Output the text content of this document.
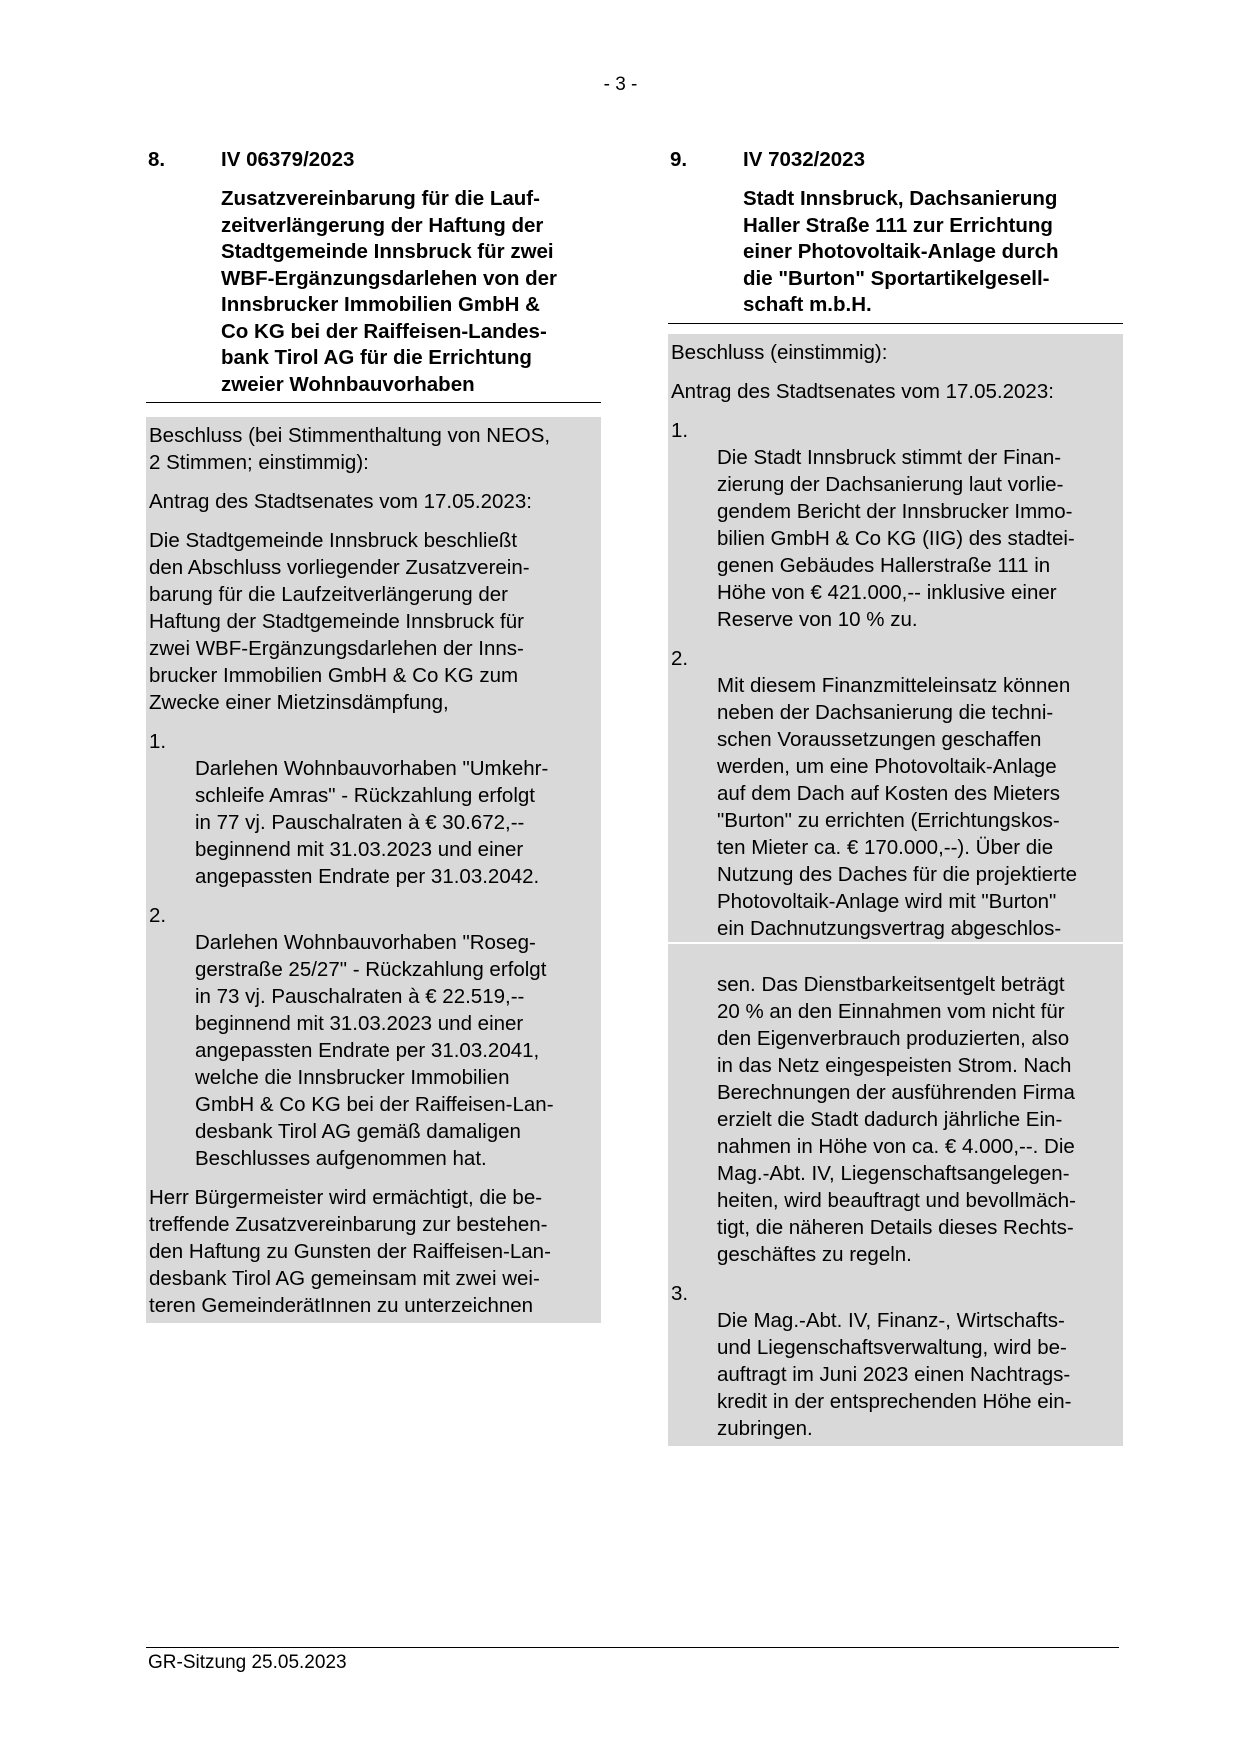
- 3 -
8.	IV 06379/2023
Zusatzvereinbarung für die Lauf-
zeitverlängerung der Haftung der
Stadtgemeinde Innsbruck für zwei
WBF-Ergänzungsdarlehen von der
Innsbrucker Immobilien GmbH &
Co KG bei der Raiffeisen-Landes-
bank Tirol AG für die Errichtung
zweier Wohnbauvorhaben

Beschluss (bei Stimmenthaltung von NEOS,
2 Stimmen; einstimmig):

Antrag des Stadtsenates vom 17.05.2023:

Die Stadtgemeinde Innsbruck beschließt
den Abschluss vorliegender Zusatzverein-
barung für die Laufzeitverlängerung der
Haftung der Stadtgemeinde Innsbruck für
zwei WBF-Ergänzungsdarlehen der Inns-
brucker Immobilien GmbH & Co KG zum
Zwecke einer Mietzinsdämpfung,

1.
Darlehen Wohnbauvorhaben "Umkehr-
schleife Amras" - Rückzahlung erfolgt
in 77 vj. Pauschalraten à € 30.672,--
beginnend mit 31.03.2023 und einer
angepassten Endrate per 31.03.2042.

2.
Darlehen Wohnbauvorhaben "Roseg-
gerstraße 25/27" - Rückzahlung erfolgt
in 73 vj. Pauschalraten à € 22.519,--
beginnend mit 31.03.2023 und einer
angepassten Endrate per 31.03.2041,
welche die Innsbrucker Immobilien
GmbH & Co KG bei der Raiffeisen-Lan-
desbank Tirol AG gemäß damaligen
Beschlusses aufgenommen hat.

Herr Bürgermeister wird ermächtigt, die be-
treffende Zusatzvereinbarung zur bestehen-
den Haftung zu Gunsten der Raiffeisen-Lan-
desbank Tirol AG gemeinsam mit zwei wei-
teren GemeinderätInnen zu unterzeichnen

9.	IV 7032/2023
Stadt Innsbruck, Dachsanierung
Haller Straße 111 zur Errichtung
einer Photovoltaik-Anlage durch
die "Burton" Sportartikelgesell-
schaft m.b.H.

Beschluss (einstimmig):

Antrag des Stadtsenates vom 17.05.2023:

1.
Die Stadt Innsbruck stimmt der Finan-
zierung der Dachsanierung laut vorlie-
gendem Bericht der Innsbrucker Immo-
bilien GmbH & Co KG (IIG) des stadtei-
genen Gebäudes Hallerstraße 111 in
Höhe von € 421.000,-- inklusive einer
Reserve von 10 % zu.

2.
Mit diesem Finanzmitteleinsatz können
neben der Dachsanierung die techni-
schen Voraussetzungen geschaffen
werden, um eine Photovoltaik-Anlage
auf dem Dach auf Kosten des Mieters
"Burton" zu errichten (Errichtungskos-
ten Mieter ca. € 170.000,--). Über die
Nutzung des Daches für die projektierte
Photovoltaik-Anlage wird mit "Burton"
ein Dachnutzungsvertrag abgeschlos-

sen. Das Dienstbarkeitsentgelt beträgt
20 % an den Einnahmen vom nicht für
den Eigenverbrauch produzierten, also
in das Netz eingespeisten Strom. Nach
Berechnungen der ausführenden Firma
erzielt die Stadt dadurch jährliche Ein-
nahmen in Höhe von ca. € 4.000,--. Die
Mag.-Abt. IV, Liegenschaftsangelegen-
heiten, wird beauftragt und bevollmäch-
tigt, die näheren Details dieses Rechts-
geschäftes zu regeln.

3.
Die Mag.-Abt. IV, Finanz-, Wirtschafts-
und Liegenschaftsverwaltung, wird be-
auftragt im Juni 2023 einen Nachtrags-
kredit in der entsprechenden Höhe ein-
zubringen.

GR-Sitzung 25.05.2023
